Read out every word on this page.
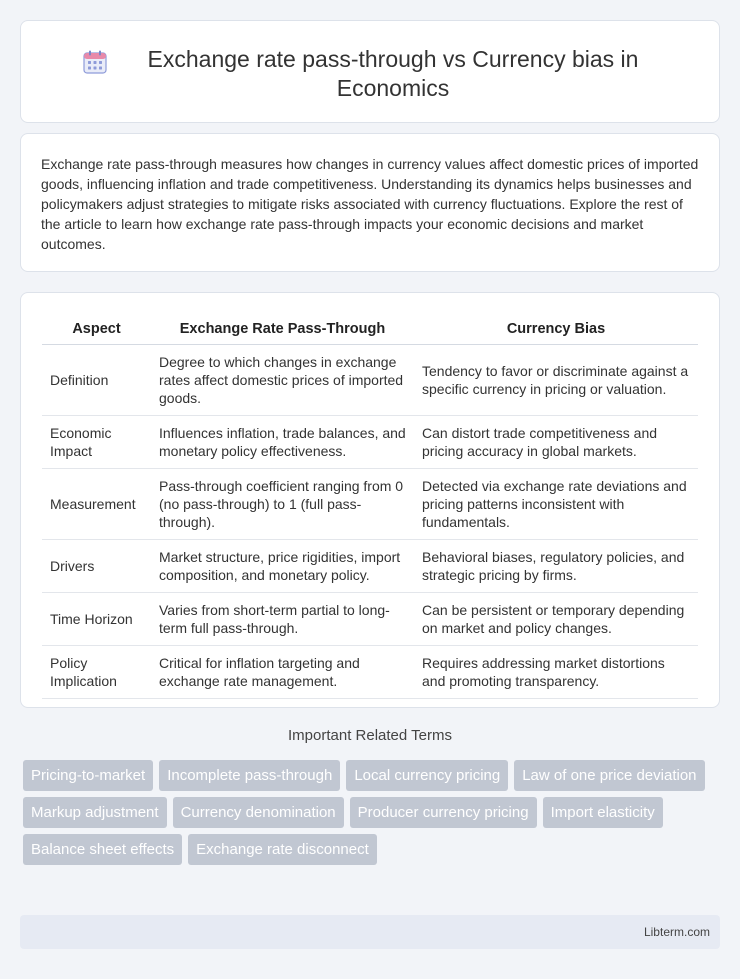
Exchange rate pass-through vs Currency bias in Economics

Exchange rate pass-through measures how changes in currency values affect domestic prices of imported goods, influencing inflation and trade competitiveness. Understanding its dynamics helps businesses and policymakers adjust strategies to mitigate risks associated with currency fluctuations. Explore the rest of the article to learn how exchange rate pass-through impacts your economic decisions and market outcomes.

Aspect	Exchange Rate Pass-Through	Currency Bias
Definition	Degree to which changes in exchange rates affect domestic prices of imported goods.	Tendency to favor or discriminate against a specific currency in pricing or valuation.
Economic Impact	Influences inflation, trade balances, and monetary policy effectiveness.	Can distort trade competitiveness and pricing accuracy in global markets.
Measurement	Pass-through coefficient ranging from 0 (no pass-through) to 1 (full pass-through).	Detected via exchange rate deviations and pricing patterns inconsistent with fundamentals.
Drivers	Market structure, price rigidities, import composition, and monetary policy.	Behavioral biases, regulatory policies, and strategic pricing by firms.
Time Horizon	Varies from short-term partial to long-term full pass-through.	Can be persistent or temporary depending on market and policy changes.
Policy Implication	Critical for inflation targeting and exchange rate management.	Requires addressing market distortions and promoting transparency.
Important Related Terms
Pricing-to-market	Incomplete pass-through	Local currency pricing	Law of one price deviation
Markup adjustment	Currency denomination	Producer currency pricing	Import elasticity
Balance sheet effects	Exchange rate disconnect
Libterm.com
